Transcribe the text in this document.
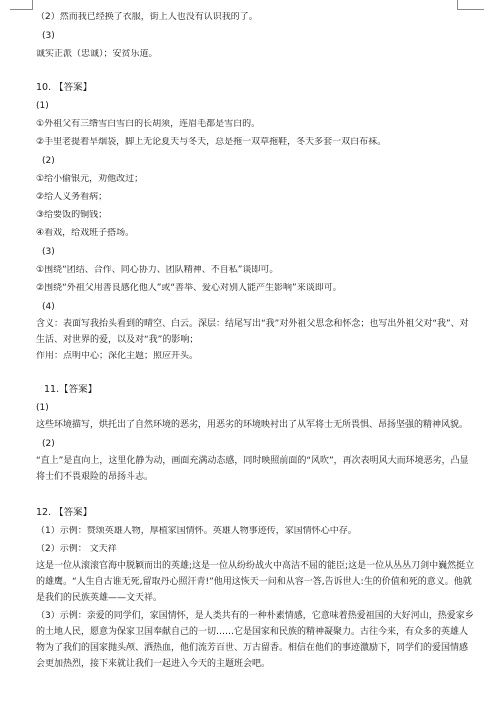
（2）然而我已经换了衣服，街上人也没有认识我的了。

(3)

诚实正派（忠诚）；安贫乐道。

10. 【答案】

(1)

①外祖父有三绺雪白雪白的长胡须，连眉毛都是雪白的。

②手里老提着旱烟袋，脚上无论夏天与冬天，总是拖一双草拖鞋，冬天多套一双白布袜。

(2)

①给小偷银元，劝他改过；

②给人义务看病；

③给要饭的铜钱；

④看戏，给戏班子搭场。

(3)

①围绕“团结、合作、同心协力、团队精神、不自私”谈即可。

②围绕“外祖父用善良感化他人”或“善举、爱心对别人能产生影响”来谈即可。

(4)

含义：表面写我抬头看到的晴空、白云。深层：结尾写出“我”对外祖父思念和怀念；也写出外祖父对“我”、对生活、对世界的爱，以及对“我”的影响；

作用：点明中心；深化主题；照应开头。

11.【答案】

(1)

这些环境描写，烘托出了自然环境的恶劣，用恶劣的环境映衬出了从军将士无所畏惧、昂扬坚强的精神风貌。

(2)

“直上”是直向上，这里化静为动，画面充满动态感，同时映照前面的“风吹”，再次表明风大而环境恶劣，凸显将士们不畏艰险的昂扬斗志。

12. 【答案】

（1）示例：赞颂英雄人物，厚植家国情怀。英雄人物事迹传，家国情怀心中存。

（2）示例： 文天祥

这是一位从滚滚官海中脱颖而出的英雄;这是一位从纷纷战火中高洁不屈的能臣;这是一位从丛丛刀剑中巍然挺立的雄鹰。“人生自古谁无死,留取丹心照汗青!”他用这恢天一问和从容一答,告诉世人:生的价值和死的意义。他就是我们的民族英雄——文天祥。

（3）示例：亲爱的同学们，家国情怀，是人类共有的一种朴素情感，它意味着热爱祖国的大好河山，热爱家乡的土地人民，愿意为保家卫国奉献自己的一切……它是国家和民族的精神凝聚力。古往今来，有众多的英雄人物为了我们的国家抛头颅、洒热血，他们流芳百世、万古留香。相信在他们的事迹激励下，同学们的爱国情感会更加热烈，接下来就让我们一起进入今天的主题班会吧。
